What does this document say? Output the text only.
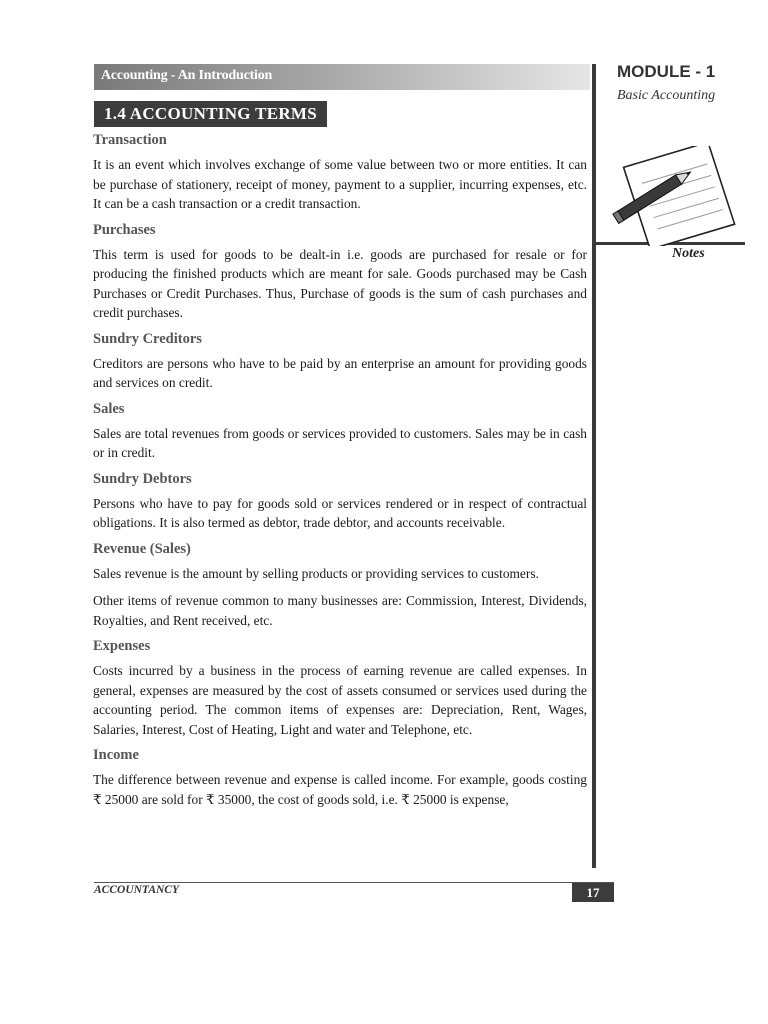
Accounting - An Introduction	MODULE - 1
Basic Accounting
Notes
1.4 ACCOUNTING TERMS
Transaction

It is an event which involves exchange of some value between two or more entities. It can be purchase of stationery, receipt of money, payment to a supplier, incurring expenses, etc. It can be a cash transaction or a credit transaction.

Purchases

This term is used for goods to be dealt-in i.e. goods are purchased for resale or for producing the finished products which are meant for sale. Goods purchased may be Cash Purchases or Credit Purchases. Thus, Purchase of goods is the sum of cash purchases and credit purchases.

Sundry Creditors

Creditors are persons who have to be paid by an enterprise an amount for providing goods and services on credit.

Sales

Sales are total revenues from goods or services provided to customers. Sales may be in cash or in credit.

Sundry Debtors

Persons who have to pay for goods sold or services rendered or in respect of contractual obligations. It is also termed as debtor, trade debtor, and accounts receivable.

Revenue (Sales)

Sales revenue is the amount by selling products or providing services to customers.

Other items of revenue common to many businesses are: Commission, Interest, Dividends, Royalties, and Rent received, etc.

Expenses

Costs incurred by a business in the process of earning revenue are called expenses. In general, expenses are measured by the cost of assets consumed or services used during the accounting period. The common items of expenses are: Depreciation, Rent, Wages, Salaries, Interest, Cost of Heating, Light and water and Telephone, etc.

Income

The difference between revenue and expense is called income. For example, goods costing ₹ 25000 are sold for ₹ 35000, the cost of goods sold, i.e. ₹ 25000 is expense,

ACCOUNTANCY	17
